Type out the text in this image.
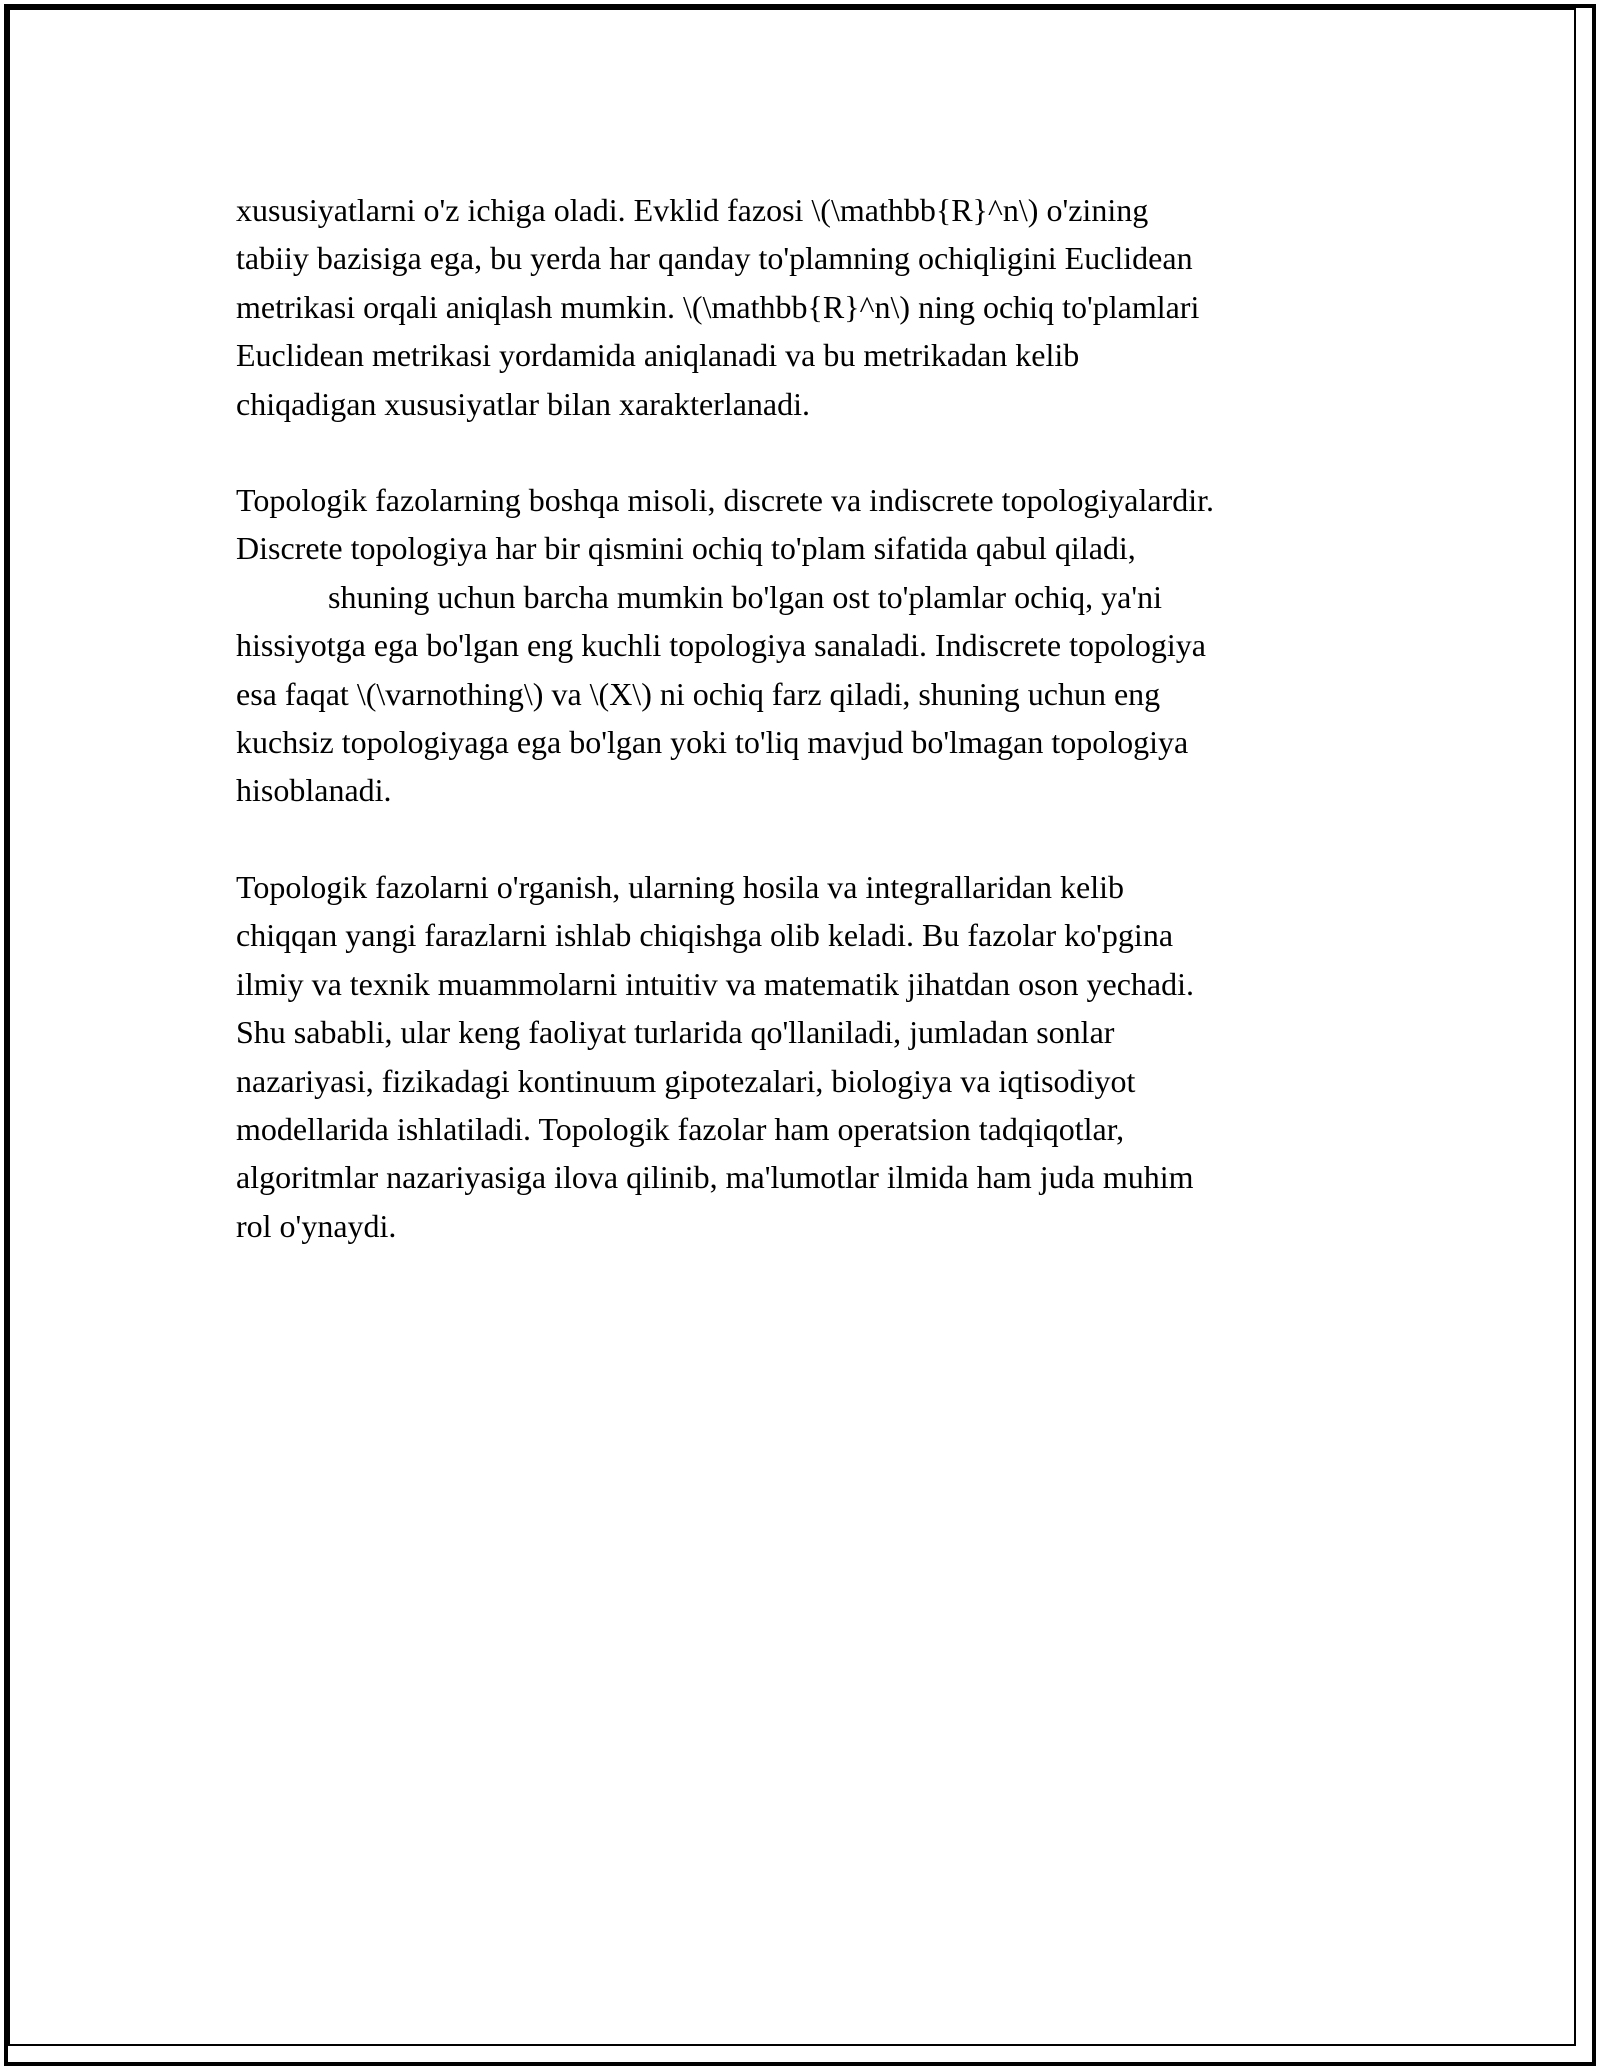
xususiyatlarni o'z ichiga oladi. Evklid fazosi \(\mathbb{R}^n\) o'zining
tabiiy bazisiga ega, bu yerda har qanday to'plamning ochiqligini Euclidean
metrikasi orqali aniqlash mumkin. \(\mathbb{R}^n\) ning ochiq to'plamlari
Euclidean metrikasi yordamida aniqlanadi va bu metrikadan kelib
chiqadigan xususiyatlar bilan xarakterlanadi.

Topologik fazolarning boshqa misoli, discrete va indiscrete topologiyalardir.
Discrete topologiya har bir qismini ochiq to'plam sifatida qabul qiladi,
shuning uchun barcha mumkin bo'lgan ost to'plamlar ochiq, ya'ni
hissiyotga ega bo'lgan eng kuchli topologiya sanaladi. Indiscrete topologiya
esa faqat \(\varnothing\) va \(X\) ni ochiq farz qiladi, shuning uchun eng
kuchsiz topologiyaga ega bo'lgan yoki to'liq mavjud bo'lmagan topologiya
hisoblanadi.

Topologik fazolarni o'rganish, ularning hosila va integrallaridan kelib
chiqqan yangi farazlarni ishlab chiqishga olib keladi. Bu fazolar ko'pgina
ilmiy va texnik muammolarni intuitiv va matematik jihatdan oson yechadi.
Shu sababli, ular keng faoliyat turlarida qo'llaniladi, jumladan sonlar
nazariyasi, fizikadagi kontinuum gipotezalari, biologiya va iqtisodiyot
modellarida ishlatiladi. Topologik fazolar ham operatsion tadqiqotlar,
algoritmlar nazariyasiga ilova qilinib, ma'lumotlar ilmida ham juda muhim
rol o'ynaydi.
